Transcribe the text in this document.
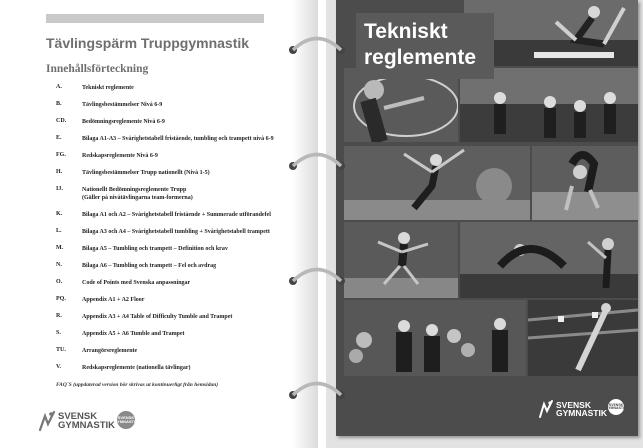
Tävlingspärm Truppgymnastik
Innehållsförteckning
A.	Tekniskt reglemente
B.	Tävlingsbestämmelser Nivå 6-9
CD.	Bedömningsreglemente Nivå 6-9
E.	Bilaga A1-A3 – Svårighetstabell fristående, tumbling och trampett nivå 6-9
FG.	Redskapsreglemente Nivå 6-9
H.	Tävlingsbestämmelser Trupp nationellt (Nivå 1-5)
IJ.	Nationellt Bedömningsreglemente Trupp
(Gäller på nivåtävlingarna team-formerna)
K.	Bilaga A1 och A2 – Svårighetstabell fristående + Summerade utförandefel
L.	Bilaga A3 och A4 – Svårighetstabell tumbling + Svårighetstabell trampett
M.	Bilaga A5 – Tumbling och trampett – Definition och krav
N.	Bilaga A6 – Tumbling och trampett – Fel och avdrag
O.	Code of Points med Svenska anpassningar
PQ.	Appendix A1 + A2 Floor
R.	Appendix A3 + A4 Table of Difficulty Tumble and Trampet
S.	Appendix A5 + A6 Tumble and Trampet
TU.	Arrangörsreglemente
V.	Redskapsreglemente (nationella tävlingar)
FAQ´S (uppdaterad version bör skrivas ut kontinuerligt från hemsidan)
SVENSK
GYMNASTIK
SVENSK GYMNASTIK
Tekniskt
reglemente
SVENSK
GYMNASTIK
SVENSK GYMNASTIK
